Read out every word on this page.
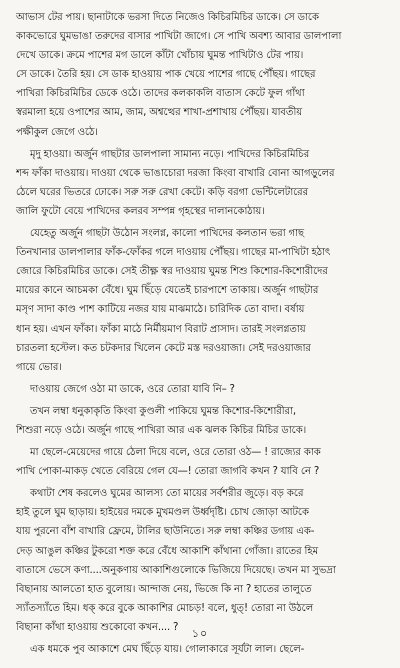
আভাস টের পায়। ছানাটাকে ভরসা দিতে নিজেও কিচিরমিচির ডাকে। সে ডাকে
কাকভোরে ঘুমভাঙা তরুদের বাসার পাখিটা জাগে। সে পাখি অবশ্য আবার ডালপালা
দেখে ডাকে। ক্রমে পাশের মগ ডালে কাঁটা খোঁচায় ঘুমন্ত পাখিটাও টের পায়।
সে ডাকে। তৈরি হয়। সে ডাক হাওয়ায় পাক খেয়ে পাশের গাছে পৌঁছয়। গাছের
পাখিরা কিচিরমিচির ডেকে ওঠে। তাদের কলকাকলি বাতাস কেটে ফুল গাঁথা
স্বরমালা হয়ে ওপাশের আম, জাম, অশ্বত্থের শাখা-প্রশাখায় পৌঁছয়। যাবতীয়
পক্ষীকুল জেগে ওঠে।
মৃদু হাওয়া। অর্জুন গাছটার ডালপালা সামান্য নড়ে। পাখিদের কিচিরমিচির
শব্দ ফাঁকা দাওয়ায়। দাওয়া থেকে ভাঙাচোরা দরজা কিংবা বাখারি বোনা আগড়ুলের
ঠেলে ঘরের ভিতরে ঢোকে। সরু সরু রেখা কেটে। কড়ি বরগা ভেন্টিলেটারের
জালি ফুটো বেয়ে পাখিদের কলরব সম্পন্ন গৃহস্থের দালানকোঠায়।
যেহেতু অর্জুন গাছটা উঠোন সংলগ্ন, কালো পাখিদের কলতান ভরা গাছ
তিনখানার ডালপালার ফাঁক-ফোঁকর গলে দাওয়ায় পৌঁছয়। গাছের মা-পাখিটা হঠাৎ
জোরে কিচিরমিচির ডাকে। সেই তীক্ষ্ণ স্বর দাওয়ায় ঘুমন্ত শিশু কিশোর-কিশোরীদের
মায়ের কানে আচমকা বেঁধে। ঘুম ছিঁড়ে যেতেই চারপাশে তাকায়। অর্জুন গাছটার
মসৃণ সাদা কাণ্ড পাশ কাটিয়ে নজর যায় মাঝমাঠে। চারিদিক তো বাদা। বর্ষায়
ধান হয়। এখন ফাঁকা। ফাঁকা মাঠে নির্মীয়মাণ বিরাট প্রাসাদ। তারই সংলগ্নতায়
চারতলা হস্টেল। কত চটকদার খিলেন কেটে মস্ত দরওয়াজা। সেই দরওয়াজার
গায়ে ভোর।
দাওয়ায় জেগে ওঠা মা ডাকে, ওরে তোরা যাবি নি– ?
তখন লম্বা ধনুকাকৃতি কিংবা কুণ্ডলী পাকিয়ে ঘুমন্ত কিশোর-কিশোরীরা,
শিশুরা নড়ে ওঠে। অর্জুন গাছে পাখিরা আর এক ঝলক কিচির মিচির ডাকে।
মা ছেলে-মেয়েদের গায়ে ঠেলা দিয়ে বলে, ওরে তোরা ওঠ— ! রাজ্যের কাক
পাখি পোকা-মাকড় খেতে বেরিয়ে গেল যে—! তোরা জাগবি কখন ? যাবি নে ?
কথাটা শেষ করলেও ঘুমের আলস্য তো মায়ের সর্বশরীর জুড়ে। বড় করে
হাই তুলে ঘুম ছাড়ায়। হাইয়ের দমকে মুখমণ্ডল উর্ধ্বদৃষ্টি। চোখ জোড়া আটকে
যায় পুরনো বাঁশ বাখারি ফ্রেমে, টালির ছাউনিতে। সরু লম্বা কঞ্চির ডগায় এক-
দেড় আঙুল কঞ্চির টুকরো শক্ত করে বেঁধে আকাশি কাঁথানা গোঁজা। রাতের হিম
বাতাসে ভেসে কণা....অনুকণায় আকাশিগুলোকে ভিজিয়ে দিয়েছে। তখন মা সুভদ্রা
বিছানায় আলতো হাত বুলোয়। আন্দাজ নেয়, ভিজে কি না ? হাতের তালুতে
স্যাঁতস্যাঁতে হিম। ধক্ করে বুকে আকাশির মোচড়! বলে, ধুত্! তোরা না উঠলে
বিছানা কাঁথা হাওয়ায় শুকোবো কখন.... ?
এক ধমকে পুব আকাশে মেঘ ছিঁড়ে যায়। গোলাকারে সূর্যটা লাল। ছেলে-
১০
